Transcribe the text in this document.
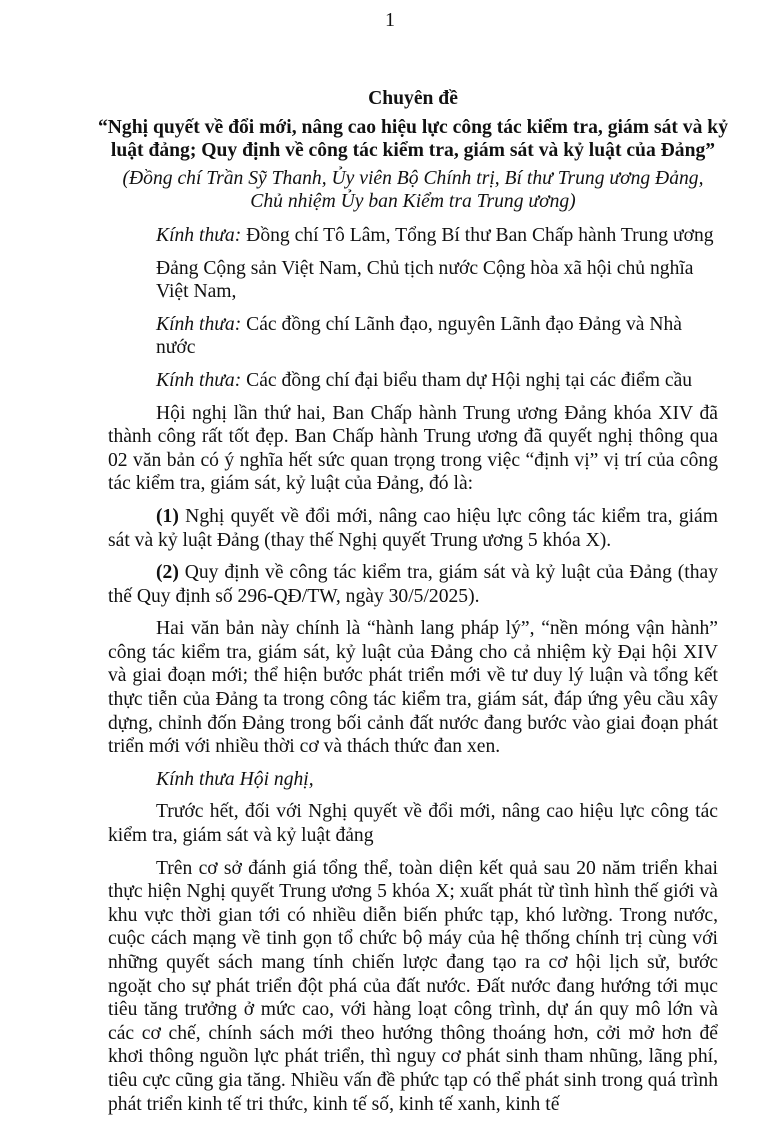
1
Chuyên đề
“Nghị quyết về đổi mới, nâng cao hiệu lực công tác kiểm tra, giám sát và kỷ luật đảng; Quy định về công tác kiểm tra, giám sát và kỷ luật của Đảng”
(Đồng chí Trần Sỹ Thanh, Ủy viên Bộ Chính trị, Bí thư Trung ương Đảng,
Chủ nhiệm Ủy ban Kiểm tra Trung ương)
Kính thưa: Đồng chí Tô Lâm, Tổng Bí thư Ban Chấp hành Trung ương
Đảng Cộng sản Việt Nam, Chủ tịch nước Cộng hòa xã hội chủ nghĩa Việt Nam,
Kính thưa: Các đồng chí Lãnh đạo, nguyên Lãnh đạo Đảng và Nhà nước
Kính thưa: Các đồng chí đại biểu tham dự Hội nghị tại các điểm cầu

Hội nghị lần thứ hai, Ban Chấp hành Trung ương Đảng khóa XIV đã thành công rất tốt đẹp. Ban Chấp hành Trung ương đã quyết nghị thông qua 02 văn bản có ý nghĩa hết sức quan trọng trong việc “định vị” vị trí của công tác kiểm tra, giám sát, kỷ luật của Đảng, đó là:

(1) Nghị quyết về đổi mới, nâng cao hiệu lực công tác kiểm tra, giám sát và kỷ luật Đảng (thay thế Nghị quyết Trung ương 5 khóa X).

(2) Quy định về công tác kiểm tra, giám sát và kỷ luật của Đảng (thay thế Quy định số 296-QĐ/TW, ngày 30/5/2025).

Hai văn bản này chính là “hành lang pháp lý”, “nền móng vận hành” công tác kiểm tra, giám sát, kỷ luật của Đảng cho cả nhiệm kỳ Đại hội XIV và giai đoạn mới; thể hiện bước phát triển mới về tư duy lý luận và tổng kết thực tiễn của Đảng ta trong công tác kiểm tra, giám sát, đáp ứng yêu cầu xây dựng, chỉnh đốn Đảng trong bối cảnh đất nước đang bước vào giai đoạn phát triển mới với nhiều thời cơ và thách thức đan xen.

Kính thưa Hội nghị,

Trước hết, đối với Nghị quyết về đổi mới, nâng cao hiệu lực công tác kiểm tra, giám sát và kỷ luật đảng

Trên cơ sở đánh giá tổng thể, toàn diện kết quả sau 20 năm triển khai thực hiện Nghị quyết Trung ương 5 khóa X; xuất phát từ tình hình thế giới và khu vực thời gian tới có nhiều diễn biến phức tạp, khó lường. Trong nước, cuộc cách mạng về tinh gọn tổ chức bộ máy của hệ thống chính trị cùng với những quyết sách mang tính chiến lược đang tạo ra cơ hội lịch sử, bước ngoặt cho sự phát triển đột phá của đất nước. Đất nước đang hướng tới mục tiêu tăng trưởng ở mức cao, với hàng loạt công trình, dự án quy mô lớn và các cơ chế, chính sách mới theo hướng thông thoáng hơn, cởi mở hơn để khơi thông nguồn lực phát triển, thì nguy cơ phát sinh tham nhũng, lãng phí, tiêu cực cũng gia tăng. Nhiều vấn đề phức tạp có thể phát sinh trong quá trình phát triển kinh tế tri thức, kinh tế số, kinh tế xanh, kinh tế
